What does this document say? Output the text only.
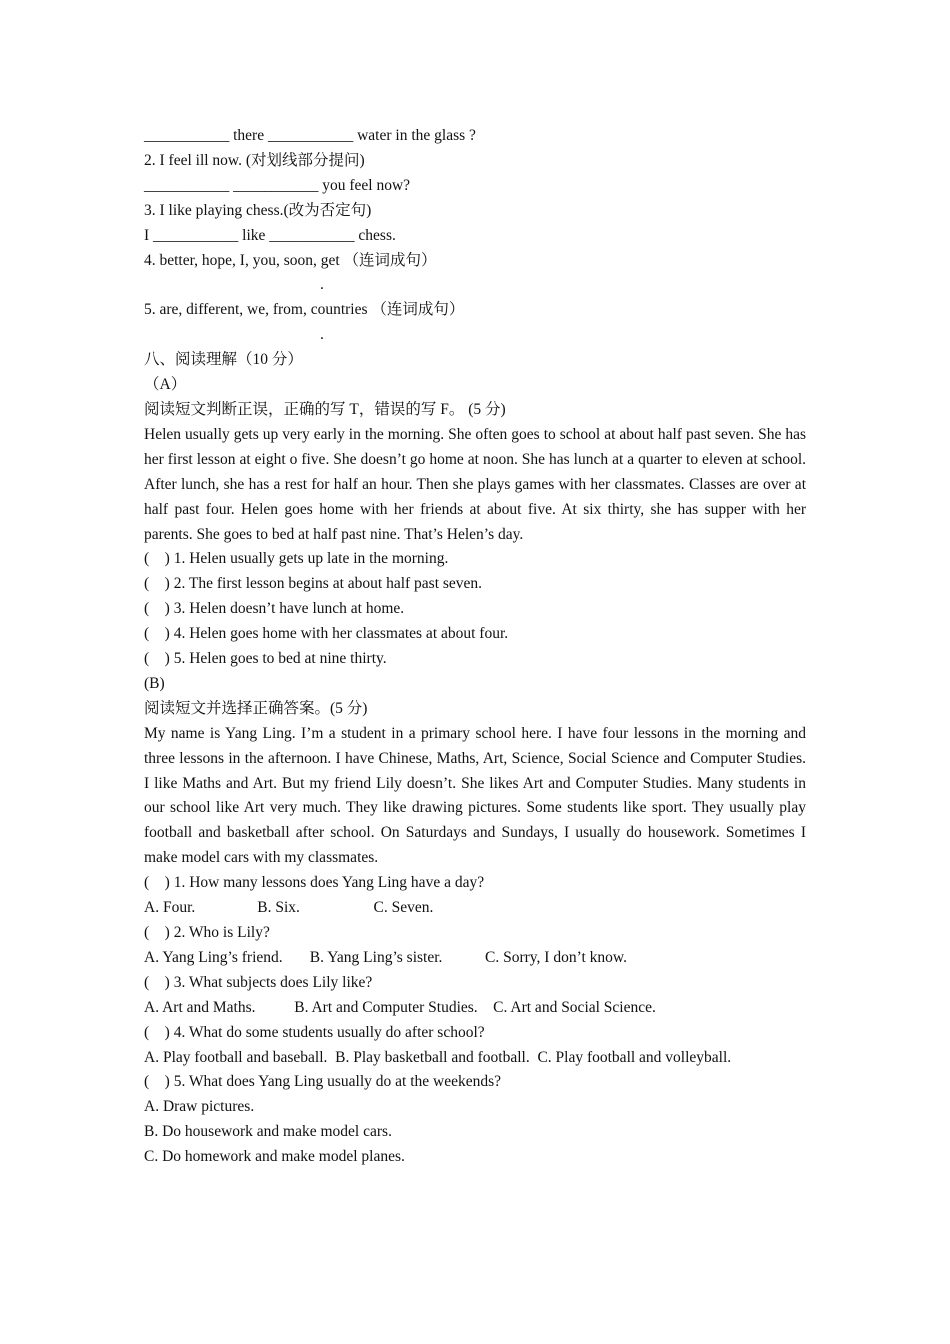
___________ there ___________ water in the glass ?
2. I feel ill now. (对划线部分提问)
___________ ___________ you feel now?
3. I like playing chess.(改为否定句)
I ___________ like ___________ chess.
4. better, hope, I, you, soon, get （连词成句）
.
5. are, different, we, from, countries （连词成句）
.
八、阅读理解（10 分）
（A）
阅读短文判断正误，正确的写 T，错误的写 F。 (5 分)
Helen usually gets up very early in the morning. She often goes to school at about half past seven. She has her first lesson at eight o five. She doesn’t go home at noon. She has lunch at a quarter to eleven at school. After lunch, she has a rest for half an hour. Then she plays games with her classmates. Classes are over at half past four. Helen goes home with her friends at about five. At six thirty, she has supper with her parents. She goes to bed at half past nine. That’s Helen’s day.
(    ) 1. Helen usually gets up late in the morning.
(    ) 2. The first lesson begins at about half past seven.
(    ) 3. Helen doesn’t have lunch at home.
(    ) 4. Helen goes home with her classmates at about four.
(    ) 5. Helen goes to bed at nine thirty.
(B)
阅读短文并选择正确答案。(5 分)
My name is Yang Ling. I’m a student in a primary school here. I have four lessons in the morning and three lessons in the afternoon. I have Chinese, Maths, Art, Science, Social Science and Computer Studies. I like Maths and Art. But my friend Lily doesn’t. She likes Art and Computer Studies. Many students in our school like Art very much. They like drawing pictures. Some students like sport. They usually play football and basketball after school. On Saturdays and Sundays, I usually do housework. Sometimes I make model cars with my classmates.
(    ) 1. How many lessons does Yang Ling have a day?
A. Four.                B. Six.                   C. Seven.
(    ) 2. Who is Lily?
A. Yang Ling’s friend.       B. Yang Ling’s sister.           C. Sorry, I don’t know.
(    ) 3. What subjects does Lily like?
A. Art and Maths.          B. Art and Computer Studies.    C. Art and Social Science.
(    ) 4. What do some students usually do after school?
A. Play football and baseball.  B. Play basketball and football.  C. Play football and volleyball.
(    ) 5. What does Yang Ling usually do at the weekends?
A. Draw pictures.
B. Do housework and make model cars.
C. Do homework and make model planes.
